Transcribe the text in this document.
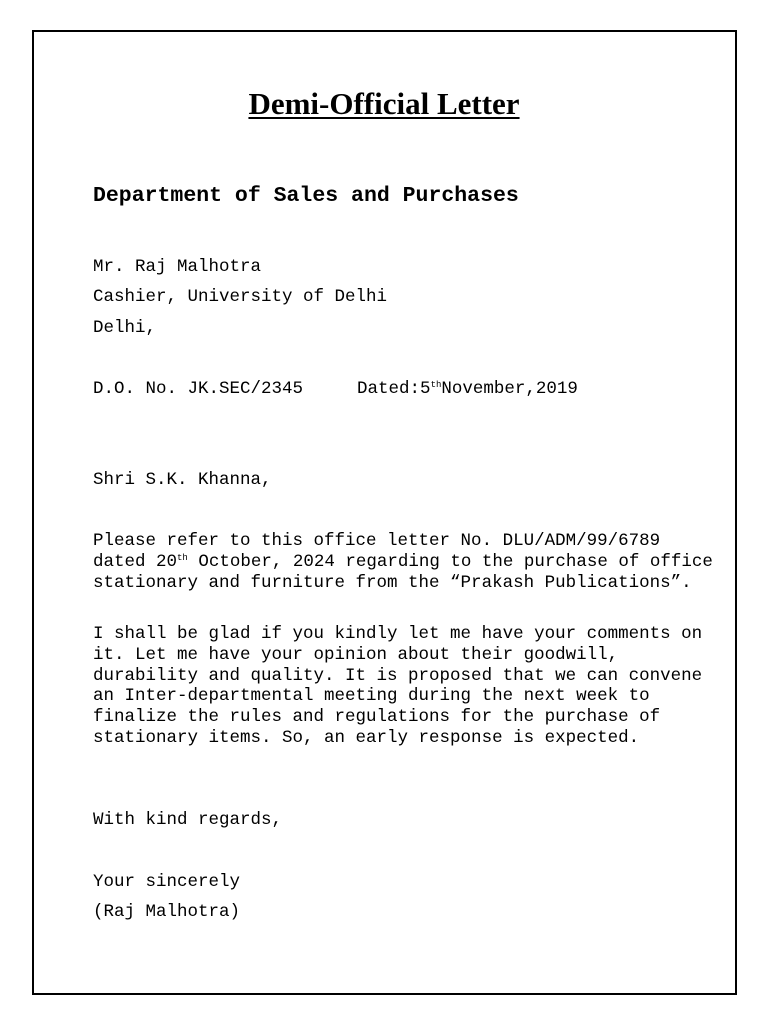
Demi-Official Letter
Department of Sales and Purchases
Mr. Raj Malhotra
Cashier, University of Delhi
Delhi,
D.O. No. JK.SEC/2345	Dated:5thNovember,2019
Shri S.K. Khanna,
Please refer to this office letter No. DLU/ADM/99/6789 dated 20th October, 2024 regarding to the purchase of office stationary and furniture from the “Prakash Publications”.
I shall be glad if you kindly let me have your comments on it. Let me have your opinion about their goodwill, durability and quality. It is proposed that we can convene an Inter-departmental meeting during the next week to finalize the rules and regulations for the purchase of stationary items. So, an early response is expected.
With kind regards,
Your sincerely
(Raj Malhotra)
